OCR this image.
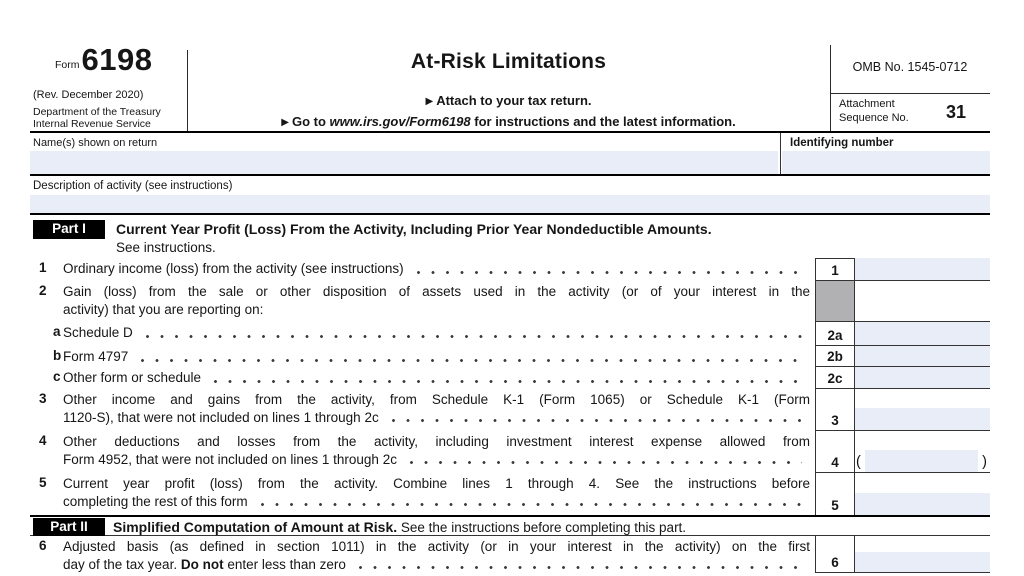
Form 6198
(Rev. December 2020)
Department of the Treasury
Internal Revenue Service
At-Risk Limitations
▶ Attach to your tax return.
▶ Go to www.irs.gov/Form6198 for instructions and the latest information.
OMB No. 1545-0712
Attachment
Sequence No. 31
Name(s) shown on return	Identifying number
Description of activity (see instructions)
Part I	Current Year Profit (Loss) From the Activity, Including Prior Year Nondeductible Amounts.
See instructions.
1	Ordinary income (loss) from the activity (see instructions)	1
2	Gain (loss) from the sale or other disposition of assets used in the activity (or of your interest in the
activity) that you are reporting on:
a Schedule D	2a
b Form 4797	2b
c Other form or schedule	2c
3	Other income and gains from the activity, from Schedule K-1 (Form 1065) or Schedule K-1 (Form
1120-S), that were not included on lines 1 through 2c	3
4	Other deductions and losses from the activity, including investment interest expense allowed from
Form 4952, that were not included on lines 1 through 2c	4	(	)
5	Current year profit (loss) from the activity. Combine lines 1 through 4. See the instructions before
completing the rest of this form	5
Part II	Simplified Computation of Amount at Risk. See the instructions before completing this part.
6	Adjusted basis (as defined in section 1011) in the activity (or in your interest in the activity) on the first
day of the tax year. Do not enter less than zero	6
